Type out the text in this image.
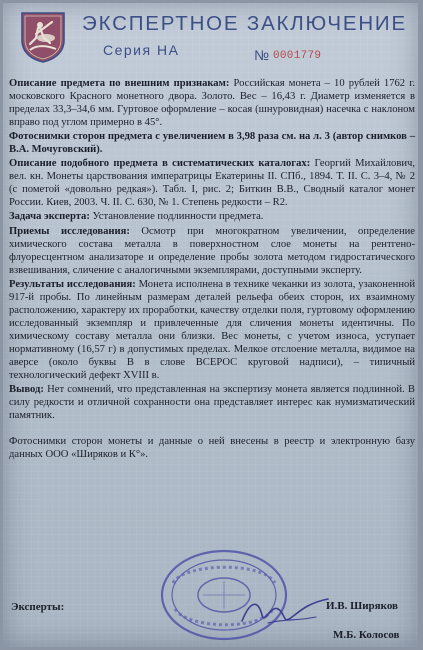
ЭКСПЕРТНОЕ ЗАКЛЮЧЕНИЕ
Серия НА	№ 0001779

Описание предмета по внешним признакам: Российская монета – 10 рублей 1762 г. московского Красного монетного двора. Золото. Вес – 16,43 г. Диаметр изменяется в пределах 33,3–34,6 мм. Гуртовое оформление – косая (шнуровидная) насечка с наклоном вправо под углом примерно в 45°.

Фотоснимки сторон предмета с увеличением в 3,98 раза см. на л. 3 (автор снимков – В.А. Мочуговский).

Описание подобного предмета в систематических каталогах: Георгий Михайлович, вел. кн. Монеты царствования императрицы Екатерины II. СПб., 1894. Т. II. С. 3–4, № 2 (с пометой «довольно редкая»). Табл. I, рис. 2; Биткин В.В., Сводный каталог монет России. Киев, 2003. Ч. II. С. 630, № 1. Степень редкости – R2.

Задача эксперта: Установление подлинности предмета.

Приемы исследования: Осмотр при многократном увеличении, определение химического состава металла в поверхностном слое монеты на рентгено-флуоресцентном анализаторе и определение пробы золота методом гидростатического взвешивания, сличение с аналогичными экземплярами, доступными эксперту.

Результаты исследования: Монета исполнена в технике чеканки из золота, узаконенной 917-й пробы. По линейным размерам деталей рельефа обеих сторон, их взаимному расположению, характеру их проработки, качеству отделки поля, гуртовому оформлению исследованный экземпляр и привлеченные для сличения монеты идентичны. По химическому составу металла они близки. Вес монеты, с учетом износа, уступает нормативному (16,57 г) в допустимых пределах. Мелкое отслоение металла, видимое на аверсе (около буквы В в слове ВСЕРОС круговой надписи), – типичный технологический дефект XVIII в.

Вывод: Нет сомнений, что представленная на экспертизу монета является подлинной. В силу редкости и отличной сохранности она представляет интерес как нумизматический памятник.

Фотоснимки сторон монеты и данные о ней внесены в реестр и электронную базу данных ООО «Ширяков и К°».

Эксперты:	И.В. Ширяков
М.Б. Колосов
